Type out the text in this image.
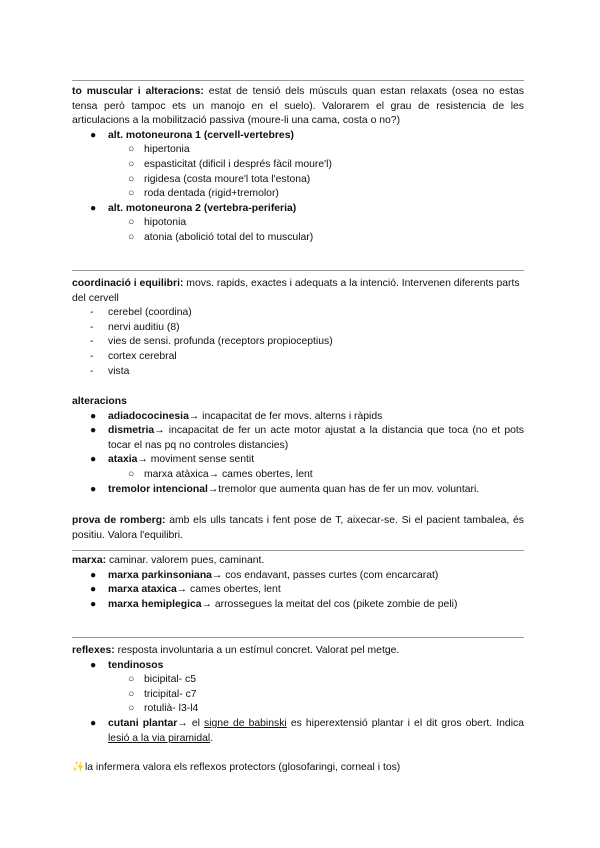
to muscular i alteracions: estat de tensió dels músculs quan estan relaxats (osea no estas tensa però tampoc ets un manojo en el suelo). Valorarem el grau de resistencia de les articulacions a la mobilització passiva (moure-li una cama, costa o no?)
● alt. motoneurona 1 (cervell-vertebres)
○ hipertonia
○ espasticitat (dificil i després fàcil moure'l)
○ rigidesa (costa moure'l tota l'estona)
○ roda dentada (rigid+tremolor)
● alt. motoneurona 2 (vertebra-periferia)
○ hipotonia
○ atonia (abolició total del to muscular)
coordinació i equilibri: movs. rapids, exactes i adequats a la intenció. Intervenen diferents parts del cervell
- cerebel (coordina)
- nervi auditiu (8)
- vies de sensi. profunda (receptors propioceptius)
- cortex cerebral
- vista
alteracions
● adiadococinesia→ incapacitat de fer movs. alterns i ràpids
● dismetria→ incapacitat de fer un acte motor ajustat a la distancia que toca (no et pots tocar el nas pq no controles distancies)
● ataxia→ moviment sense sentit
○ marxa atàxica→ cames obertes, lent
● tremolor intencional→tremolor que aumenta quan has de fer un mov. voluntari.
prova de romberg: amb els ulls tancats i fent pose de T, aixecar-se. Si el pacient tambalea, és positiu. Valora l'equilibri.
marxa: caminar. valorem pues, caminant.
● marxa parkinsoniana→ cos endavant, passes curtes (com encarcarat)
● marxa ataxica→ cames obertes, lent
● marxa hemiplegica→ arrossegues la meitat del cos (pikete zombie de peli)
reflexes: resposta involuntaria a un estímul concret. Valorat pel metge.
● tendinosos
○ bicipital- c5
○ tricipital- c7
○ rotulià- l3-l4
● cutani plantar→ el signe de babinski es hiperextensió plantar i el dit gros obert. Indica lesió a la via piramidal.
✨la infermera valora els reflexos protectors (glosofaringi, corneal i tos)
